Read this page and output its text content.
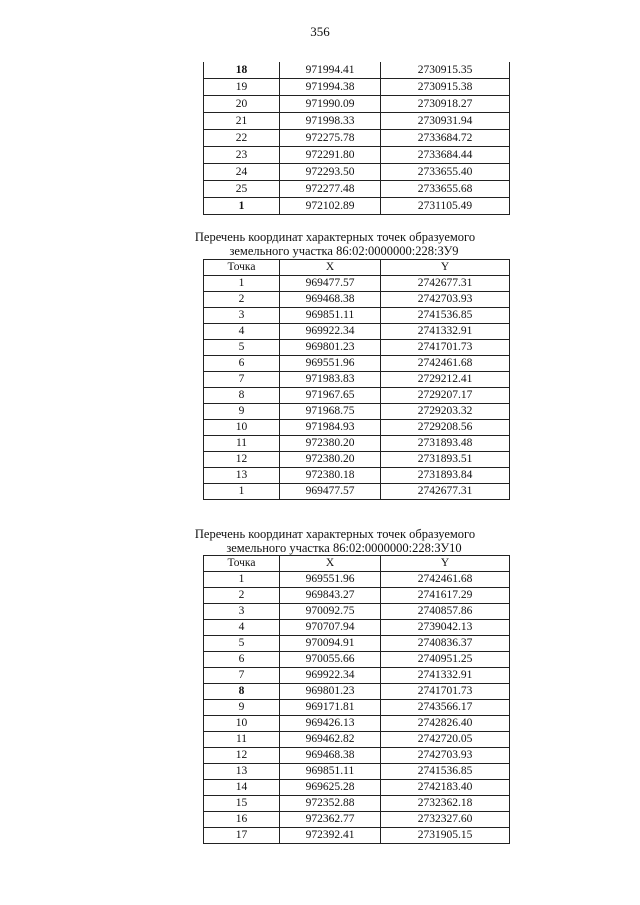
356
18	971994.41	2730915.35
19	971994.38	2730915.38
20	971990.09	2730918.27
21	971998.33	2730931.94
22	972275.78	2733684.72
23	972291.80	2733684.44
24	972293.50	2733655.40
25	972277.48	2733655.68
1	972102.89	2731105.49
Перечень координат характерных точек образуемого
земельного участка 86:02:0000000:228:ЗУ9
Точка	X	Y
1	969477.57	2742677.31
2	969468.38	2742703.93
3	969851.11	2741536.85
4	969922.34	2741332.91
5	969801.23	2741701.73
6	969551.96	2742461.68
7	971983.83	2729212.41
8	971967.65	2729207.17
9	971968.75	2729203.32
10	971984.93	2729208.56
11	972380.20	2731893.48
12	972380.20	2731893.51
13	972380.18	2731893.84
1	969477.57	2742677.31
Перечень координат характерных точек образуемого
земельного участка 86:02:0000000:228:ЗУ10
Точка	X	Y
1	969551.96	2742461.68
2	969843.27	2741617.29
3	970092.75	2740857.86
4	970707.94	2739042.13
5	970094.91	2740836.37
6	970055.66	2740951.25
7	969922.34	2741332.91
8	969801.23	2741701.73
9	969171.81	2743566.17
10	969426.13	2742826.40
11	969462.82	2742720.05
12	969468.38	2742703.93
13	969851.11	2741536.85
14	969625.28	2742183.40
15	972352.88	2732362.18
16	972362.77	2732327.60
17	972392.41	2731905.15
